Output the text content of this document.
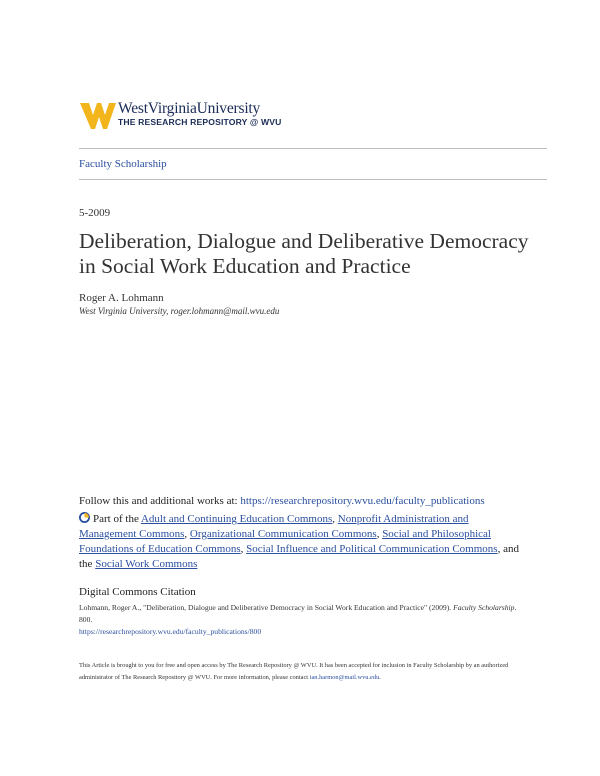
WestVirginiaUniversity
THE RESEARCH REPOSITORY @ WVU
Faculty Scholarship
5-2009
Deliberation, Dialogue and Deliberative Democracy in Social Work Education and Practice
Roger A. Lohmann
West Virginia University, roger.lohmann@mail.wvu.edu
Follow this and additional works at: https://researchrepository.wvu.edu/faculty_publications
Part of the Adult and Continuing Education Commons, Nonprofit Administration and Management Commons, Organizational Communication Commons, Social and Philosophical Foundations of Education Commons, Social Influence and Political Communication Commons, and the Social Work Commons
Digital Commons Citation
Lohmann, Roger A., "Deliberation, Dialogue and Deliberative Democracy in Social Work Education and Practice" (2009). Faculty Scholarship. 800.
https://researchrepository.wvu.edu/faculty_publications/800
This Article is brought to you for free and open access by The Research Repository @ WVU. It has been accepted for inclusion in Faculty Scholarship by an authorized administrator of The Research Repository @ WVU. For more information, please contact ian.harmon@mail.wvu.edu.
